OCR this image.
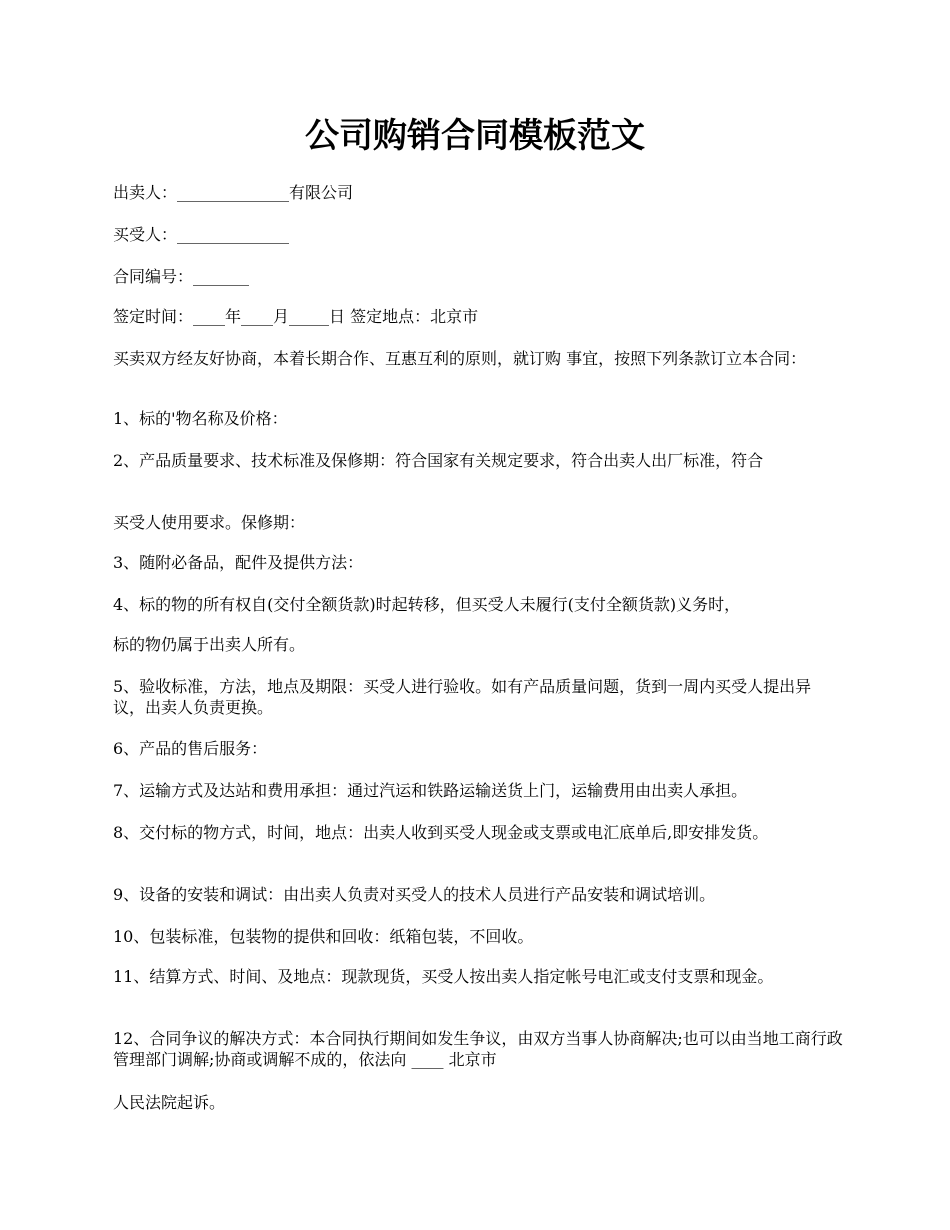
公司购销合同模板范文

出卖人：______________有限公司

买受人：______________

合同编号：_______

签定时间：____年____月_____日 签定地点：北京市

买卖双方经友好协商，本着长期合作、互惠互利的原则，就订购 事宜，按照下列条款订立本合同：

1、标的'物名称及价格：

2、产品质量要求、技术标准及保修期：符合国家有关规定要求，符合出卖人出厂标准，符合

买受人使用要求。保修期：

3、随附必备品，配件及提供方法：

4、标的物的所有权自(交付全额货款)时起转移，但买受人未履行(支付全额货款)义务时，

标的物仍属于出卖人所有。

5、验收标准，方法，地点及期限：买受人进行验收。如有产品质量问题，货到一周内买受人提出异议，出卖人负责更换。

6、产品的售后服务：

7、运输方式及达站和费用承担：通过汽运和铁路运输送货上门，运输费用由出卖人承担。

8、交付标的物方式，时间，地点：出卖人收到买受人现金或支票或电汇底单后,即安排发货。

9、设备的安装和调试：由出卖人负责对买受人的技术人员进行产品安装和调试培训。

10、包装标准，包装物的提供和回收：纸箱包装，不回收。

11、结算方式、时间、及地点：现款现货，买受人按出卖人指定帐号电汇或支付支票和现金。

12、合同争议的解决方式：本合同执行期间如发生争议，由双方当事人协商解决;也可以由当地工商行政管理部门调解;协商或调解不成的，依法向 ____ 北京市

人民法院起诉。
